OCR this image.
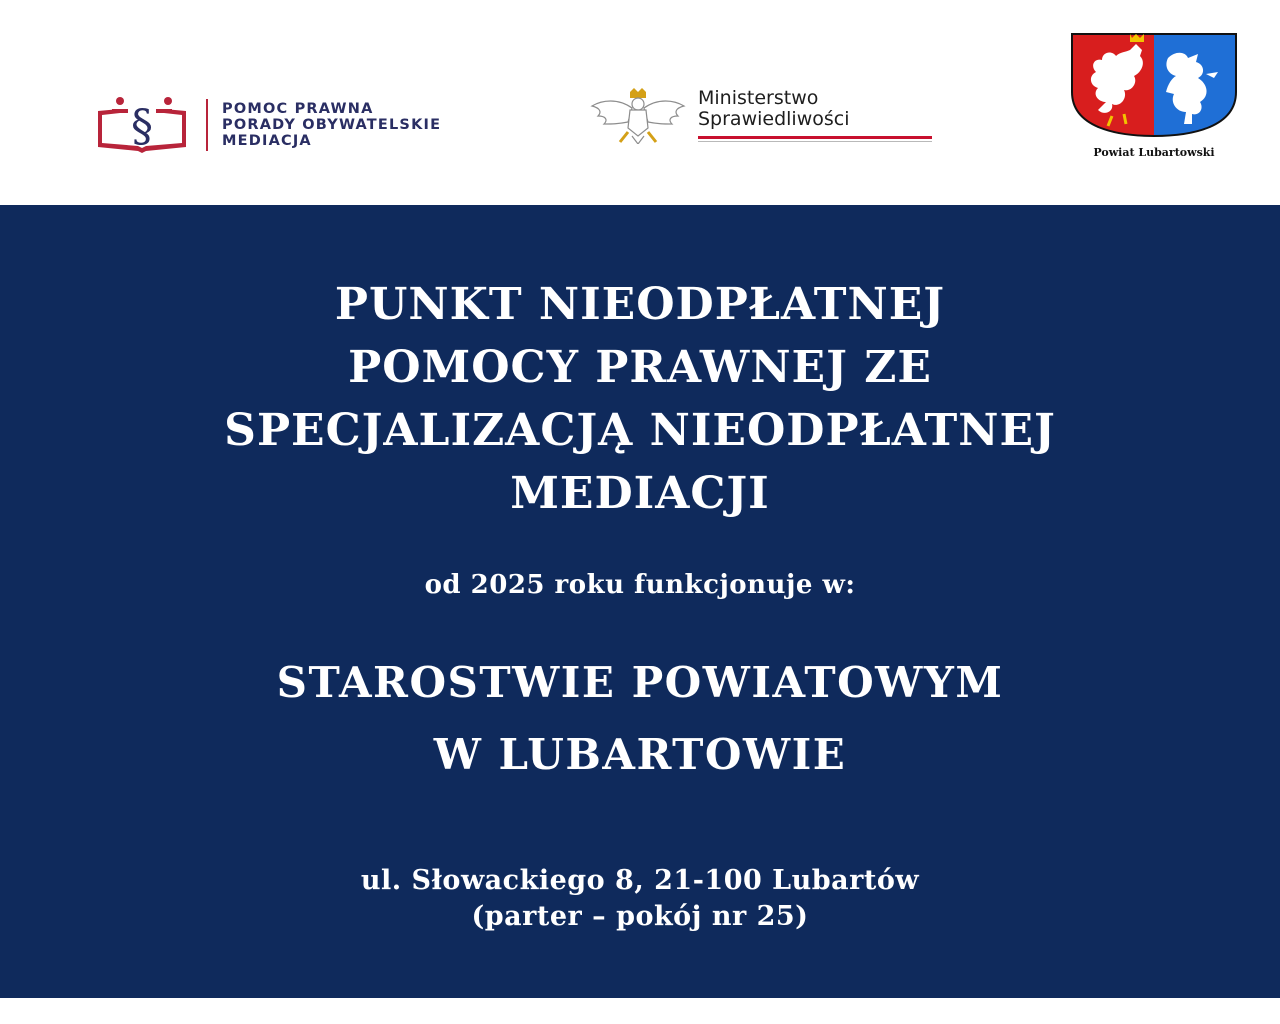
§	POMOC PRAWNA
PORADY OBYWATELSKIE
MEDIACJA
Ministerstwo
Sprawiedliwości
Powiat Lubartowski
PUNKT NIEODPŁATNEJ
POMOCY PRAWNEJ ZE
SPECJALIZACJĄ NIEODPŁATNEJ
MEDIACJI
od 2025 roku funkcjonuje w:
STAROSTWIE POWIATOWYM
W LUBARTOWIE
ul. Słowackiego 8, 21-100 Lubartów
(parter – pokój nr 25)
